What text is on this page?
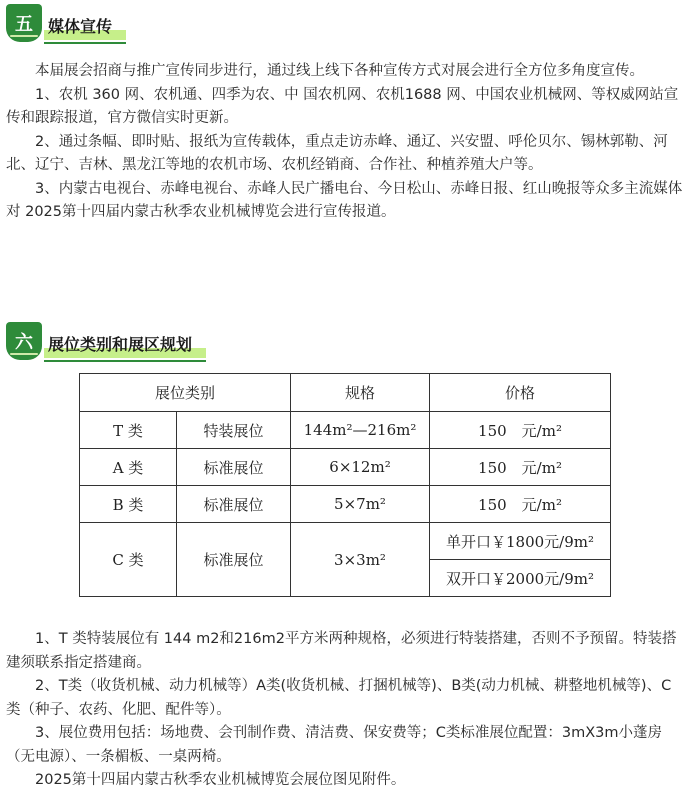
五 媒体宣传

本届展会招商与推广宣传同步进行，通过线上线下各种宣传方式对展会进行全方位多角度宣传。

1、农机 360 网、农机通、四季为农、中 国农机网、农机1688 网、中国农业机械网、等权威网站宣传和跟踪报道，官方微信实时更新。

2、通过条幅、即时贴、报纸为宣传载体，重点走访赤峰、通辽、兴安盟、呼伦贝尔、锡林郭勒、河北、辽宁、吉林、黑龙江等地的农机市场、农机经销商、合作社、种植养殖大户等。

3、内蒙古电视台、赤峰电视台、赤峰人民广播电台、今日松山、赤峰日报、红山晚报等众多主流媒体对 2025第十四届内蒙古秋季农业机械博览会进行宣传报道。

六 展位类别和展区规划
展位类别		规格	价格
T 类	特装展位	144m²—216m²	150　元/m²
A 类	标准展位	6×12m²	150　元/m²
B 类	标准展位	5×7m²	150　元/m²
C 类	标准展位	3×3m²	单开口￥1800元/9m²
			双开口￥2000元/9m²

1、T 类特装展位有 144 m2和216m2平方米两种规格，必须进行特装搭建，否则不予预留。特装搭建须联系指定搭建商。

2、T类（收货机械、动力机械等）A类(收货机械、打捆机械等)、B类(动力机械、耕整地机械等)、C类（种子、农药、化肥、配件等）。

3、展位费用包括：场地费、会刊制作费、清洁费、保安费等；C类标准展位配置：3mX3m小蓬房（无电源）、一条楣板、一桌两椅。

2025第十四届内蒙古秋季农业机械博览会展位图见附件。
